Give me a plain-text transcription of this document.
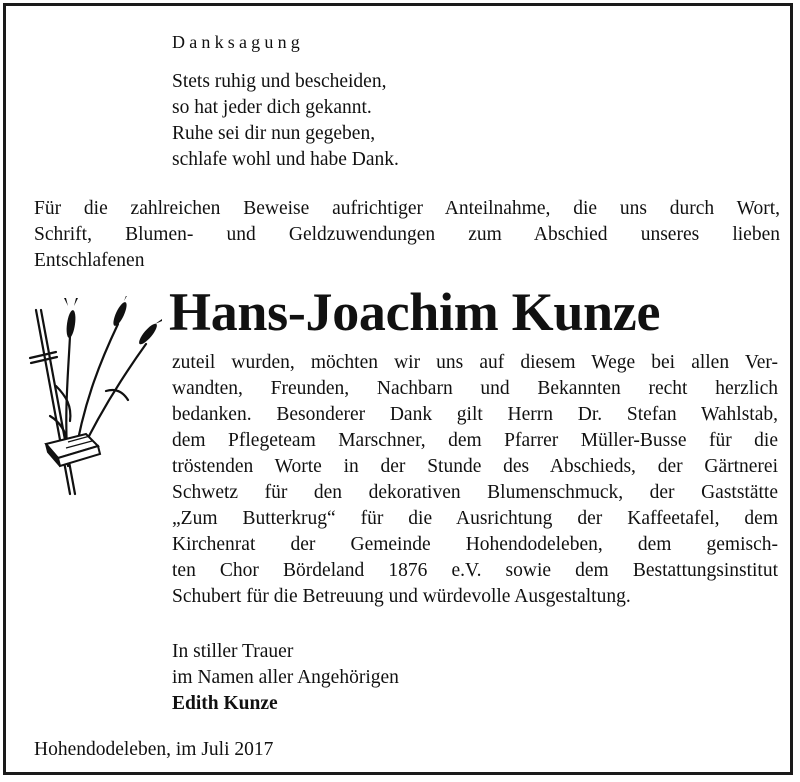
Danksagung
Stets ruhig und bescheiden,
so hat jeder dich gekannt.
Ruhe sei dir nun gegeben,
schlafe wohl und habe Dank.
Für die zahlreichen Beweise aufrichtiger Anteilnahme, die uns durch Wort,
Schrift, Blumen- und Geldzuwendungen zum Abschied unseres lieben
Entschlafenen
Hans-Joachim Kunze
zuteil wurden, möchten wir uns auf diesem Wege bei allen Ver-
wandten, Freunden, Nachbarn und Bekannten recht herzlich
bedanken. Besonderer Dank gilt Herrn Dr. Stefan Wahlstab,
dem Pflegeteam Marschner, dem Pfarrer Müller-Busse für die
tröstenden Worte in der Stunde des Abschieds, der Gärtnerei
Schwetz für den dekorativen Blumenschmuck, der Gaststätte
„Zum Butterkrug“ für die Ausrichtung der Kaffeetafel, dem
Kirchenrat der Gemeinde Hohendodeleben, dem gemisch-
ten Chor Bördeland 1876 e.V. sowie dem Bestattungsinstitut
Schubert für die Betreuung und würdevolle Ausgestaltung.
In stiller Trauer
im Namen aller Angehörigen
Edith Kunze
Hohendodeleben, im Juli 2017
